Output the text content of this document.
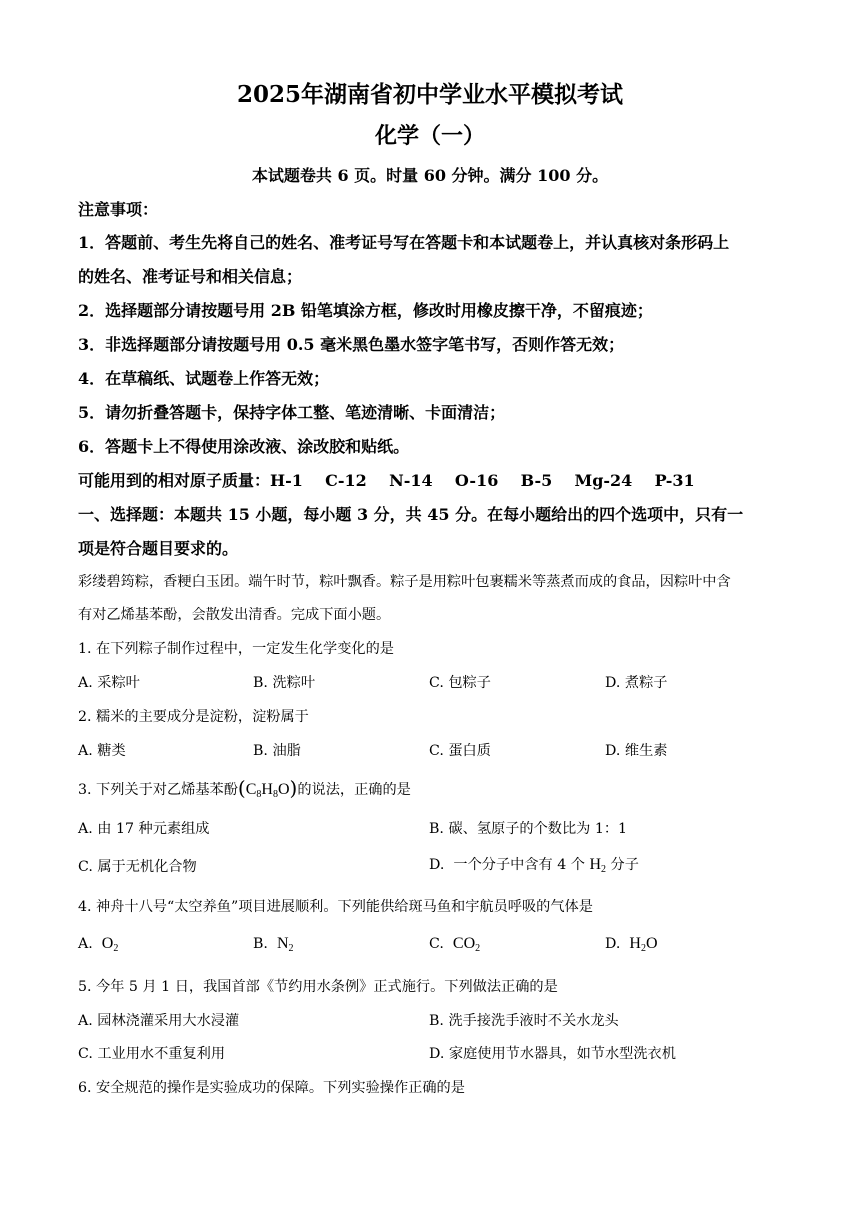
2025年湖南省初中学业水平模拟考试
化学（一）
本试题卷共 6 页。时量 60 分钟。满分 100 分。
注意事项：
1．答题前、考生先将自己的姓名、准考证号写在答题卡和本试题卷上，并认真核对条形码上
的姓名、准考证号和相关信息；
2．选择题部分请按题号用 2B 铅笔填涂方框，修改时用橡皮擦干净，不留痕迹；
3．非选择题部分请按题号用 0.5 毫米黑色墨水签字笔书写，否则作答无效；
4．在草稿纸、试题卷上作答无效；
5．请勿折叠答题卡，保持字体工整、笔迹清晰、卡面清洁；
6．答题卡上不得使用涂改液、涂改胶和贴纸。
可能用到的相对原子质量：H-1    C-12    N-14    O-16    B-5    Mg-24    P-31
一、选择题：本题共 15 小题，每小题 3 分，共 45 分。在每小题给出的四个选项中，只有一
项是符合题目要求的。
彩缕碧筠粽，香粳白玉团。端午时节，粽叶飘香。粽子是用粽叶包裹糯米等蒸煮而成的食品，因粽叶中含
有对乙烯基苯酚，会散发出清香。完成下面小题。
1. 在下列粽子制作过程中，一定发生化学变化的是
A. 采粽叶	B. 洗粽叶	C. 包粽子	D. 煮粽子
2. 糯米的主要成分是淀粉，淀粉属于
A. 糖类	B. 油脂	C. 蛋白质	D. 维生素
3. 下列关于对乙烯基苯酚$(C_8H_8O)$的说法，正确的是
A. 由 17 种元素组成	B. 碳、氢原子的个数比为 1：1
C. 属于无机化合物	D.  一个分子中含有 4 个 $H_2$ 分子
4. 神舟十八号“太空养鱼”项目进展顺利。下列能供给斑马鱼和宇航员呼吸的气体是
A. $O_2$	B. $N_2$	C. $CO_2$	D. $H_2O$
5. 今年 5 月 1 日，我国首部《节约用水条例》正式施行。下列做法正确的是
A. 园林浇灌采用大水浸灌	B. 洗手接洗手液时不关水龙头
C. 工业用水不重复利用	D. 家庭使用节水器具，如节水型洗衣机
6. 安全规范的操作是实验成功的保障。下列实验操作正确的是
